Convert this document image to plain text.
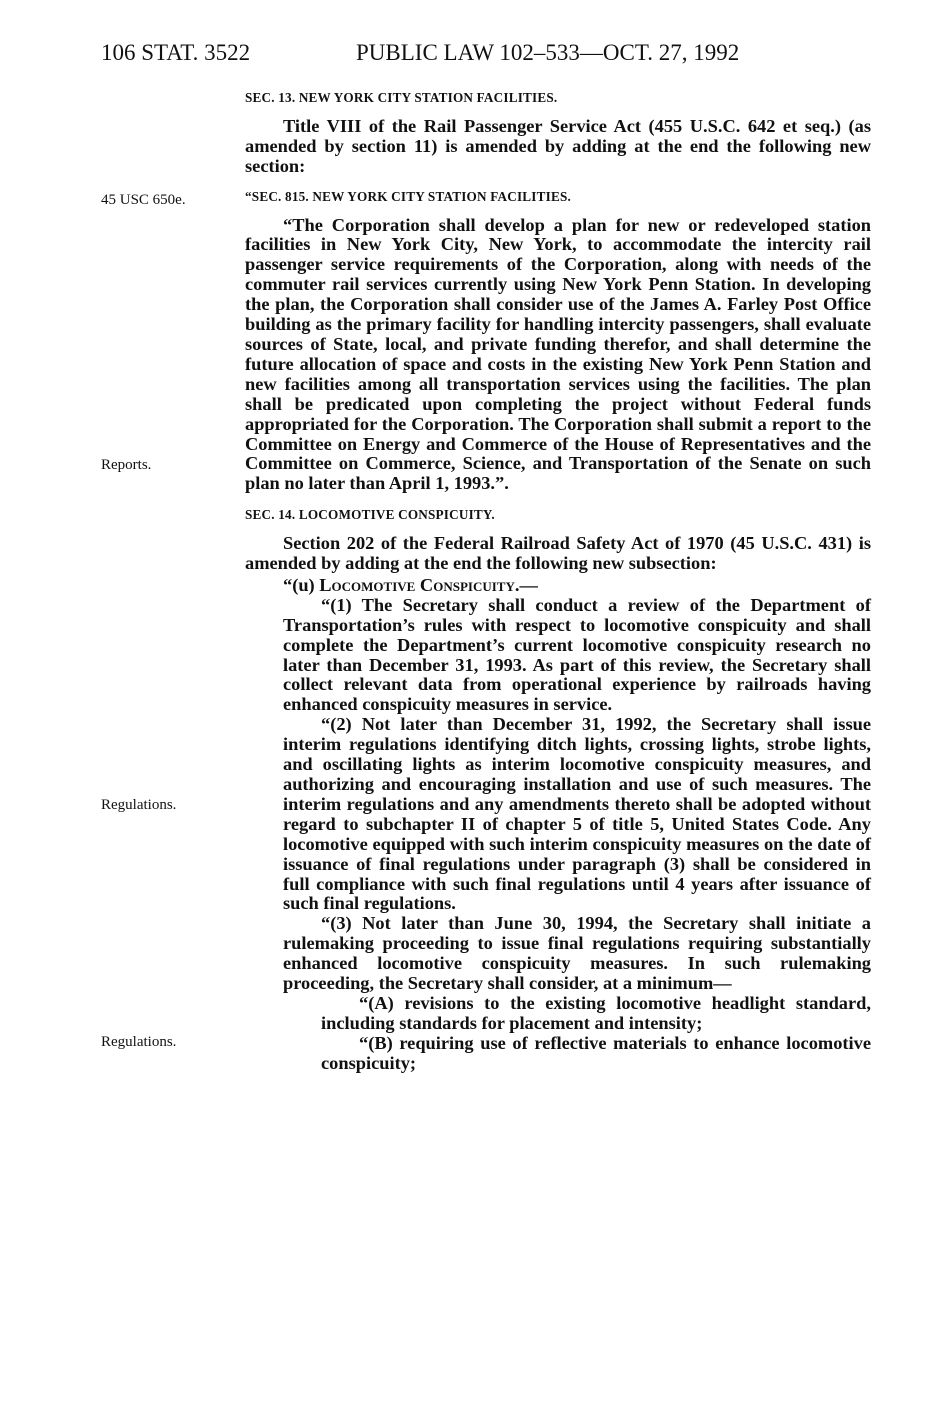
106 STAT. 3522	PUBLIC LAW 102–533—OCT. 27, 1992
45 USC 650e.
Reports.
Regulations.
Regulations.
SEC. 13. NEW YORK CITY STATION FACILITIES.

Title VIII of the Rail Passenger Service Act (455 U.S.C. 642 et seq.) (as amended by section 11) is amended by adding at the end the following new section:

“SEC. 815. NEW YORK CITY STATION FACILITIES.

“The Corporation shall develop a plan for new or redeveloped station facilities in New York City, New York, to accommodate the intercity rail passenger service requirements of the Corporation, along with needs of the commuter rail services currently using New York Penn Station. In developing the plan, the Corporation shall consider use of the James A. Farley Post Office building as the primary facility for handling intercity passengers, shall evaluate sources of State, local, and private funding therefor, and shall determine the future allocation of space and costs in the existing New York Penn Station and new facilities among all transportation services using the facilities. The plan shall be predicated upon completing the project without Federal funds appropriated for the Corporation. The Corporation shall submit a report to the Committee on Energy and Commerce of the House of Representatives and the Committee on Commerce, Science, and Transportation of the Senate on such plan no later than April 1, 1993.”.

SEC. 14. LOCOMOTIVE CONSPICUITY.

Section 202 of the Federal Railroad Safety Act of 1970 (45 U.S.C. 431) is amended by adding at the end the following new subsection:

“(u) Locomotive Conspicuity.—

“(1) The Secretary shall conduct a review of the Department of Transportation’s rules with respect to locomotive conspicuity and shall complete the Department’s current locomotive conspicuity research no later than December 31, 1993. As part of this review, the Secretary shall collect relevant data from operational experience by railroads having enhanced conspicuity measures in service.

“(2) Not later than December 31, 1992, the Secretary shall issue interim regulations identifying ditch lights, crossing lights, strobe lights, and oscillating lights as interim locomotive conspicuity measures, and authorizing and encouraging installation and use of such measures. The interim regulations and any amendments thereto shall be adopted without regard to subchapter II of chapter 5 of title 5, United States Code. Any locomotive equipped with such interim conspicuity measures on the date of issuance of final regulations under paragraph (3) shall be considered in full compliance with such final regulations until 4 years after issuance of such final regulations.

“(3) Not later than June 30, 1994, the Secretary shall initiate a rulemaking proceeding to issue final regulations requiring substantially enhanced locomotive conspicuity measures. In such rulemaking proceeding, the Secretary shall consider, at a minimum—

“(A) revisions to the existing locomotive headlight standard, including standards for placement and intensity;

“(B) requiring use of reflective materials to enhance locomotive conspicuity;
